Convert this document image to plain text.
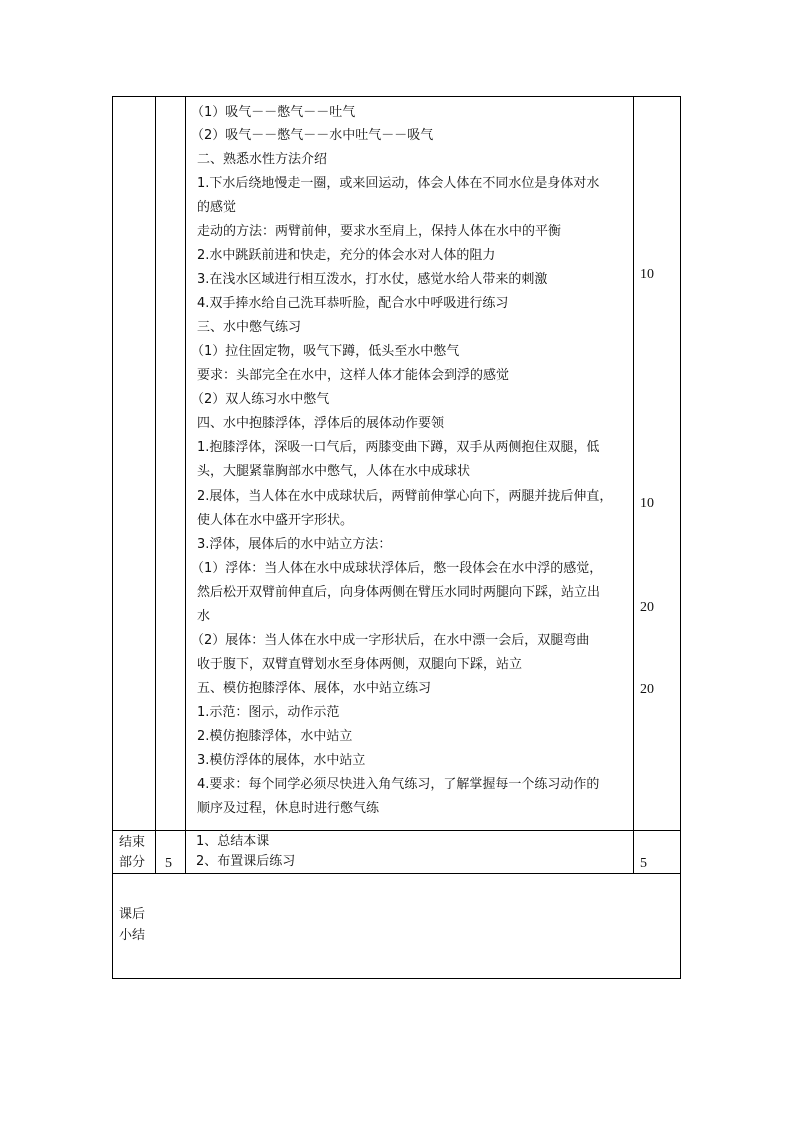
（1）吸气－－憋气－－吐气
（2）吸气－－憋气－－水中吐气－－吸气
二、熟悉水性方法介绍
1.下水后绕地慢走一圈，或来回运动，体会人体在不同水位是身体对水
的感觉
走动的方法：两臂前伸，要求水至肩上，保持人体在水中的平衡
2.水中跳跃前进和快走，充分的体会水对人体的阻力
3.在浅水区域进行相互泼水，打水仗，感觉水给人带来的刺激
4.双手捧水给自己洗耳恭听脸，配合水中呼吸进行练习
三、水中憋气练习
（1）拉住固定物，吸气下蹲，低头至水中憋气
要求：头部完全在水中，这样人体才能体会到浮的感觉
（2）双人练习水中憋气
四、水中抱膝浮体，浮体后的展体动作要领
1.抱膝浮体，深吸一口气后，两膝变曲下蹲，双手从两侧抱住双腿，低
头，大腿紧靠胸部水中憋气，人体在水中成球状
2.展体，当人体在水中成球状后，两臂前伸掌心向下，两腿并拢后伸直，
使人体在水中盛开字形状。
3.浮体，展体后的水中站立方法：
（1）浮体：当人体在水中成球状浮体后，憋一段体会在水中浮的感觉，
然后松开双臂前伸直后，向身体两侧在臂压水同时两腿向下踩，站立出
水
（2）展体：当人体在水中成一字形状后，在水中漂一会后，双腿弯曲
收于腹下，双臂直臂划水至身体两侧，双腿向下踩，站立
五、模仿抱膝浮体、展体，水中站立练习
1.示范：图示，动作示范
2.模仿抱膝浮体，水中站立
3.模仿浮体的展体，水中站立
4.要求：每个同学必须尽快进入角气练习，了解掌握每一个练习动作的
顺序及过程，休息时进行憋气练
10
10
20
20
结束
部分 5
1、总结本课
2、布置课后练习	5
课后
小结
